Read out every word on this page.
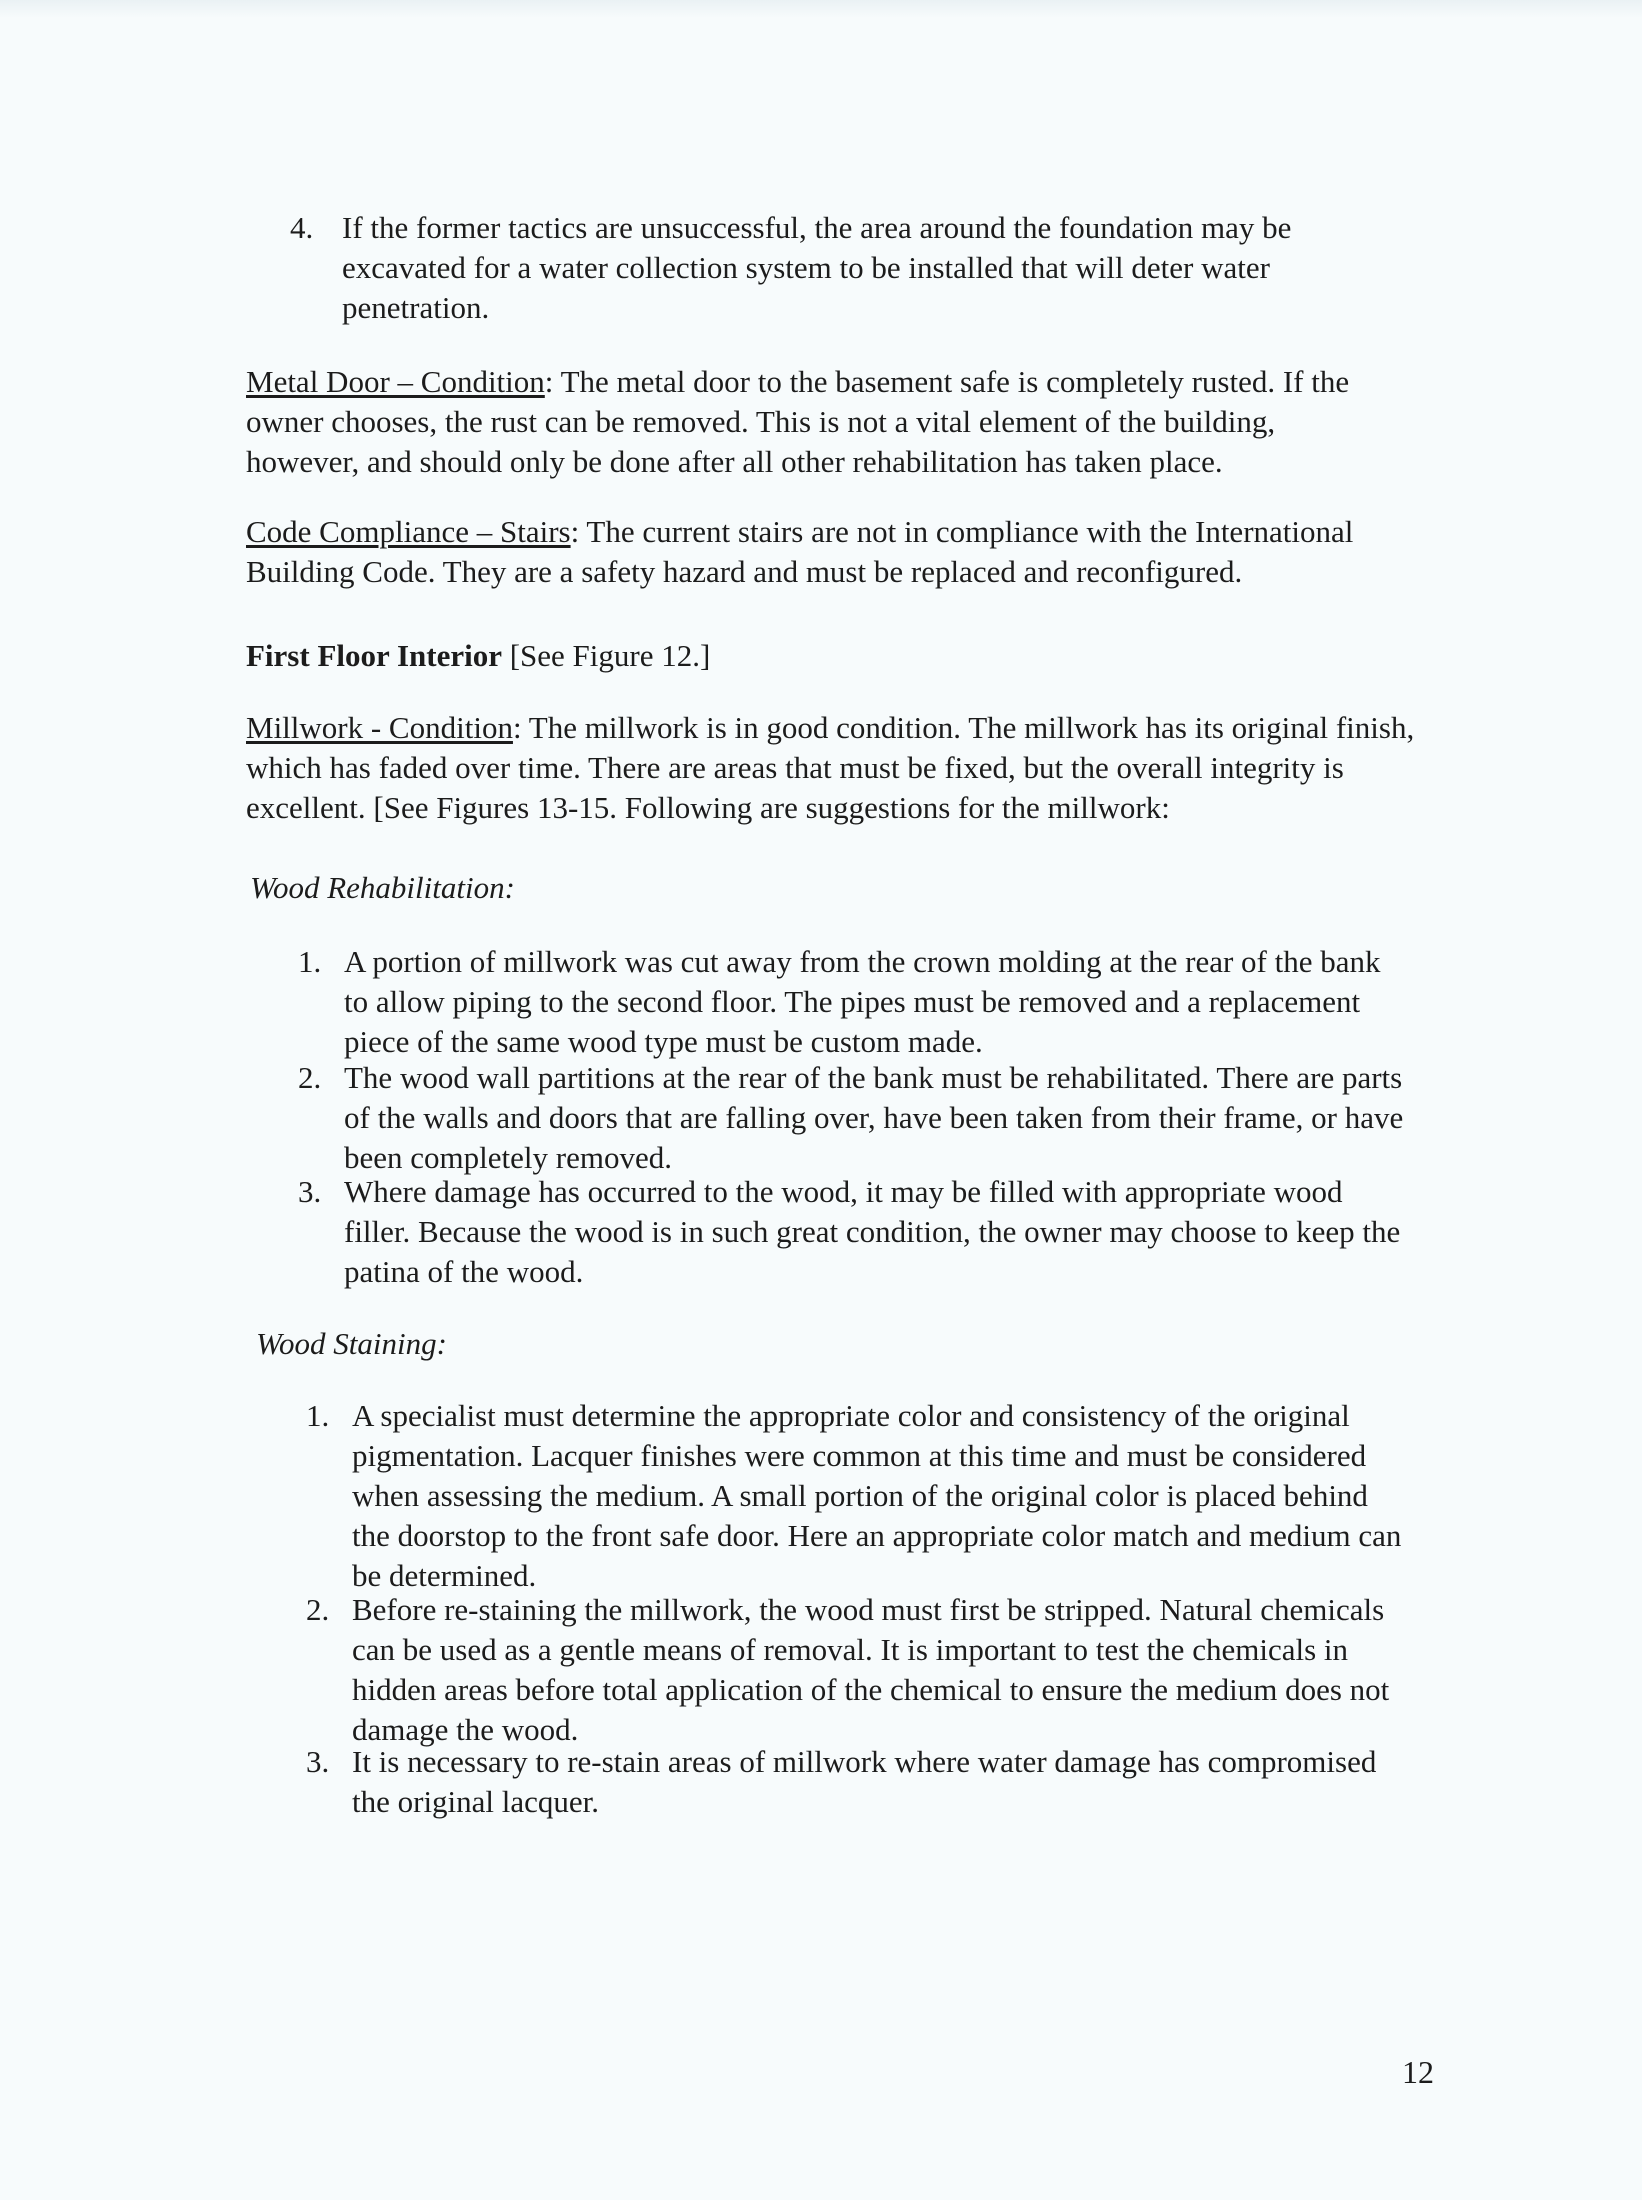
4. If the former tactics are unsuccessful, the area around the foundation may be excavated for a water collection system to be installed that will deter water penetration.

Metal Door – Condition: The metal door to the basement safe is completely rusted. If the owner chooses, the rust can be removed. This is not a vital element of the building, however, and should only be done after all other rehabilitation has taken place.

Code Compliance – Stairs: The current stairs are not in compliance with the International Building Code. They are a safety hazard and must be replaced and reconfigured.

First Floor Interior [See Figure 12.]

Millwork - Condition: The millwork is in good condition. The millwork has its original finish, which has faded over time. There are areas that must be fixed, but the overall integrity is excellent. [See Figures 13-15. Following are suggestions for the millwork:

Wood Rehabilitation:

1. A portion of millwork was cut away from the crown molding at the rear of the bank to allow piping to the second floor. The pipes must be removed and a replacement piece of the same wood type must be custom made.
2. The wood wall partitions at the rear of the bank must be rehabilitated. There are parts of the walls and doors that are falling over, have been taken from their frame, or have been completely removed.
3. Where damage has occurred to the wood, it may be filled with appropriate wood filler. Because the wood is in such great condition, the owner may choose to keep the patina of the wood.

Wood Staining:

1. A specialist must determine the appropriate color and consistency of the original pigmentation. Lacquer finishes were common at this time and must be considered when assessing the medium. A small portion of the original color is placed behind the doorstop to the front safe door. Here an appropriate color match and medium can be determined.
2. Before re-staining the millwork, the wood must first be stripped. Natural chemicals can be used as a gentle means of removal. It is important to test the chemicals in hidden areas before total application of the chemical to ensure the medium does not damage the wood.
3. It is necessary to re-stain areas of millwork where water damage has compromised the original lacquer.
12
